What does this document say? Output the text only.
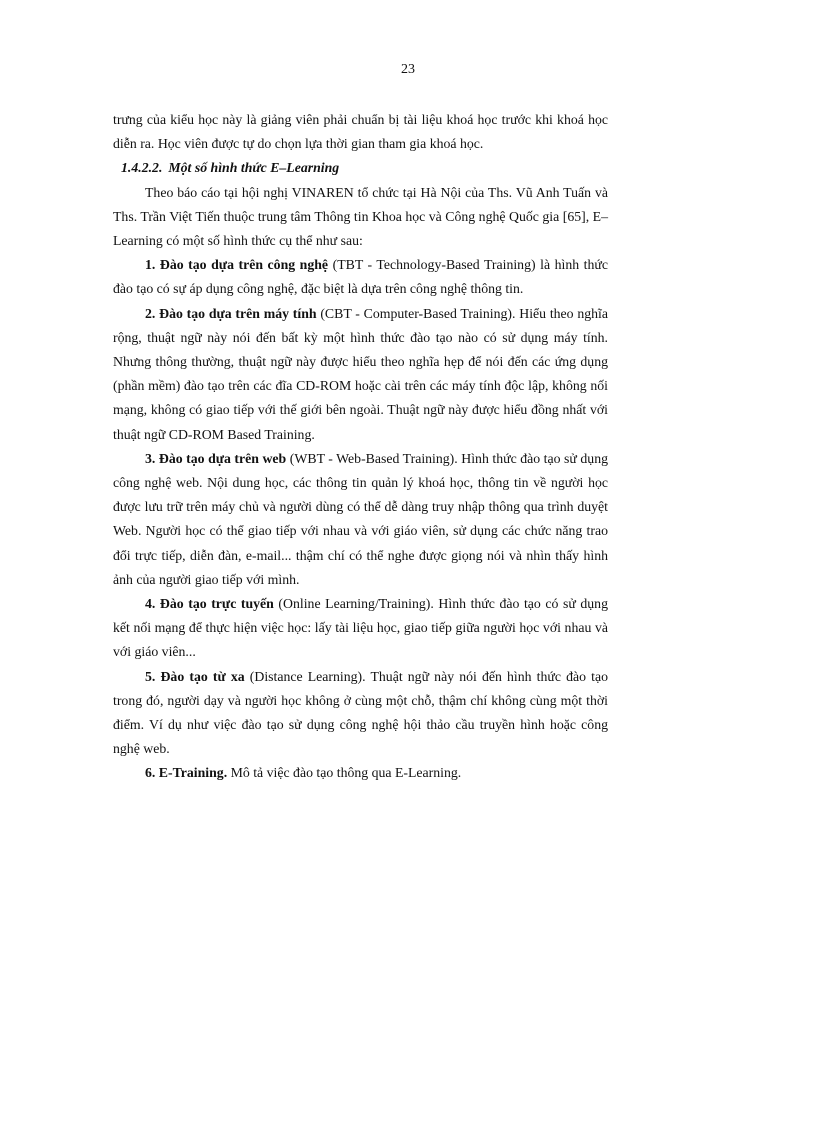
23

trưng của kiểu học này là giảng viên phải chuẩn bị tài liệu khoá học trước khi khoá học diễn ra. Học viên được tự do chọn lựa thời gian tham gia khoá học.

1.4.2.2. Một số hình thức E–Learning

Theo báo cáo tại hội nghị VINAREN tổ chức tại Hà Nội của Ths. Vũ Anh Tuấn và Ths. Trần Việt Tiến thuộc trung tâm Thông tin Khoa học và Công nghệ Quốc gia [65], E–Learning có một số hình thức cụ thể như sau:

1. Đào tạo dựa trên công nghệ (TBT - Technology-Based Training) là hình thức đào tạo có sự áp dụng công nghệ, đặc biệt là dựa trên công nghệ thông tin.

2. Đào tạo dựa trên máy tính (CBT - Computer-Based Training). Hiểu theo nghĩa rộng, thuật ngữ này nói đến bất kỳ một hình thức đào tạo nào có sử dụng máy tính. Nhưng thông thường, thuật ngữ này được hiểu theo nghĩa hẹp để nói đến các ứng dụng (phần mềm) đào tạo trên các đĩa CD-ROM hoặc cài trên các máy tính độc lập, không nối mạng, không có giao tiếp với thế giới bên ngoài. Thuật ngữ này được hiểu đồng nhất với thuật ngữ CD-ROM Based Training.

3. Đào tạo dựa trên web (WBT - Web-Based Training). Hình thức đào tạo sử dụng công nghệ web. Nội dung học, các thông tin quản lý khoá học, thông tin về người học được lưu trữ trên máy chủ và người dùng có thể dễ dàng truy nhập thông qua trình duyệt Web. Người học có thể giao tiếp với nhau và với giáo viên, sử dụng các chức năng trao đổi trực tiếp, diễn đàn, e-mail... thậm chí có thể nghe được giọng nói và nhìn thấy hình ảnh của người giao tiếp với mình.

4. Đào tạo trực tuyến (Online Learning/Training). Hình thức đào tạo có sử dụng kết nối mạng để thực hiện việc học: lấy tài liệu học, giao tiếp giữa người học với nhau và với giáo viên...

5. Đào tạo từ xa (Distance Learning). Thuật ngữ này nói đến hình thức đào tạo trong đó, người dạy và người học không ở cùng một chỗ, thậm chí không cùng một thời điểm. Ví dụ như việc đào tạo sử dụng công nghệ hội thảo cầu truyền hình hoặc công nghệ web.

6. E-Training. Mô tả việc đào tạo thông qua E-Learning.
